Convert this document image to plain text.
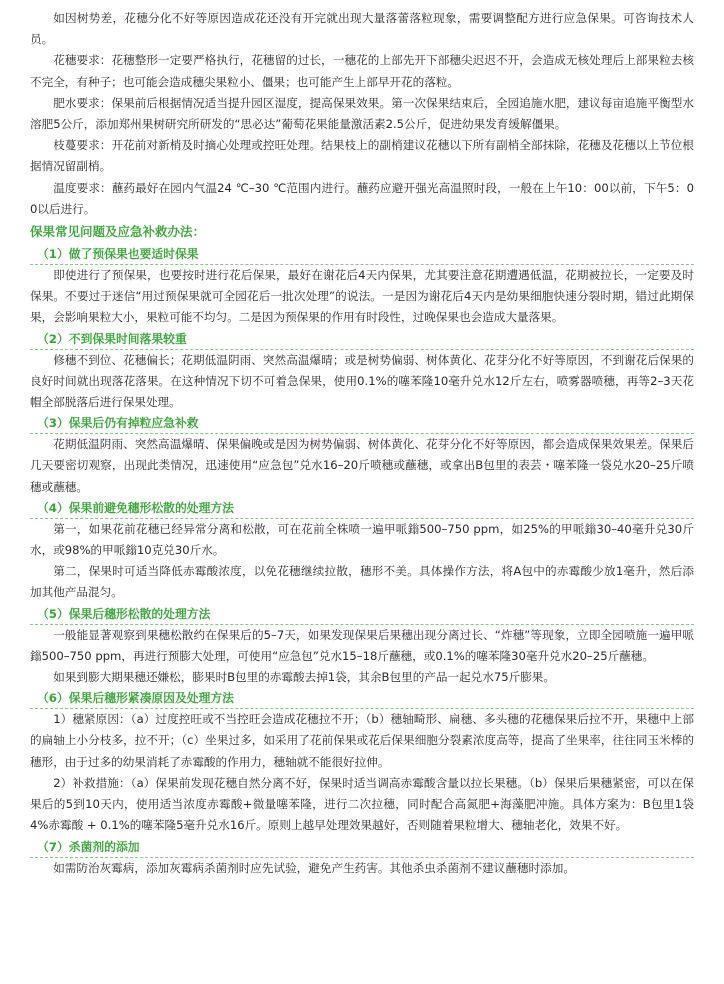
如因树势差，花穗分化不好等原因造成花还没有开完就出现大量落蕾落粒现象，需要调整配方进行应急保果。可咨询技术人员。

花穗要求：花穗整形一定要严格执行，花穗留的过长，一穗花的上部先开下部穗尖迟迟不开，会造成无核处理后上部果粒去核不完全，有种子；也可能会造成穗尖果粒小、僵果；也可能产生上部早开花的落粒。

肥水要求：保果前后根据情况适当提升园区湿度，提高保果效果。第一次保果结束后，全园追施水肥，建议每亩追施平衡型水溶肥5公斤，添加郑州果树研究所研发的“思必达”葡萄花果能量激活素2.5公斤，促进幼果发育缓解僵果。

枝蔓要求：开花前对新梢及时摘心处理或控旺处理。结果枝上的副梢建议花穗以下所有副梢全部抹除，花穗及花穗以上节位根据情况留副梢。

温度要求：蘸药最好在园内气温24 ℃–30 ℃范围内进行。蘸药应避开强光高温照时段，一般在上午10：00以前，下午5：00以后进行。

保果常见问题及应急补救办法：
（1）做了预保果也要适时保果

即使进行了预保果，也要按时进行花后保果，最好在谢花后4天内保果，尤其要注意花期遭遇低温，花期被拉长，一定要及时保果。不要过于迷信“用过预保果就可全园花后一批次处理”的说法。一是因为谢花后4天内是幼果细胞快速分裂时期，错过此期保果，会影响果粒大小，果粒可能不均匀。二是因为预保果的作用有时段性，过晚保果也会造成大量落果。

（2）不到保果时间落果较重

修穗不到位、花穗偏长；花期低温阴雨、突然高温爆晴；或是树势偏弱、树体黄化、花芽分化不好等原因，不到谢花后保果的良好时间就出现落花落果。在这种情况下切不可着急保果，使用0.1%的噻苯隆10毫升兑水12斤左右，喷雾器喷穗，再等2–3天花帽全部脱落后进行保果处理。

（3）保果后仍有掉粒应急补救

花期低温阴雨、突然高温爆晴、保果偏晚或是因为树势偏弱、树体黄化、花芽分化不好等原因，都会造成保果效果差。保果后几天要密切观察，出现此类情况，迅速使用“应急包”兑水16–20斤喷穗或蘸穗，或拿出B包里的表芸・噻苯隆一袋兑水20–25斤喷穗或蘸穗。

（4）保果前避免穗形松散的处理方法

第一，如果花前花穗已经异常分离和松散，可在花前全株喷一遍甲哌鎓500–750 ppm，如25%的甲哌鎓30–40毫升兑30斤水，或98%的甲哌鎓10克兑30斤水。

第二，保果时可适当降低赤霉酸浓度，以免花穗继续拉散，穗形不美。具体操作方法，将A包中的赤霉酸少放1毫升，然后添加其他产品混匀。

（5）保果后穗形松散的处理方法

一般能显著观察到果穗松散约在保果后的5–7天，如果发现保果后果穗出现分离过长、“炸穗”等现象，立即全园喷施一遍甲哌鎓500–750 ppm，再进行预膨大处理，可使用“应急包”兑水15–18斤蘸穗，或0.1%的噻苯隆30毫升兑水20–25斤蘸穗。

如果到膨大期果穗还嫌松，膨果时B包里的赤霉酸去掉1袋，其余B包里的产品一起兑水75斤膨果。

（6）保果后穗形紧凑原因及处理方法

1）穗紧原因：（a）过度控旺或不当控旺会造成花穗拉不开；（b）穗轴畸形、扁穗、多头穗的花穗保果后拉不开，果穗中上部的扁轴上小分枝多，拉不开；（c）坐果过多，如采用了花前保果或花后保果细胞分裂素浓度高等，提高了坐果率，往往同玉米棒的穗形，由于过多的幼果消耗了赤霉酸的作用力，穗轴就不能很好拉伸。

2）补救措施：（a）保果前发现花穗自然分离不好，保果时适当调高赤霉酸含量以拉长果穗。（b）保果后果穗紧密，可以在保果后的5到10天内，使用适当浓度赤霉酸+微量噻苯隆，进行二次拉穗，同时配合高氮肥+海藻肥冲施。具体方案为：B包里1袋4%赤霉酸 + 0.1%的噻苯隆5毫升兑水16斤。原则上越早处理效果越好，否则随着果粒增大、穗轴老化，效果不好。

（7）杀菌剂的添加

如需防治灰霉病，添加灰霉病杀菌剂时应先试验，避免产生药害。其他杀虫杀菌剂不建议蘸穗时添加。
